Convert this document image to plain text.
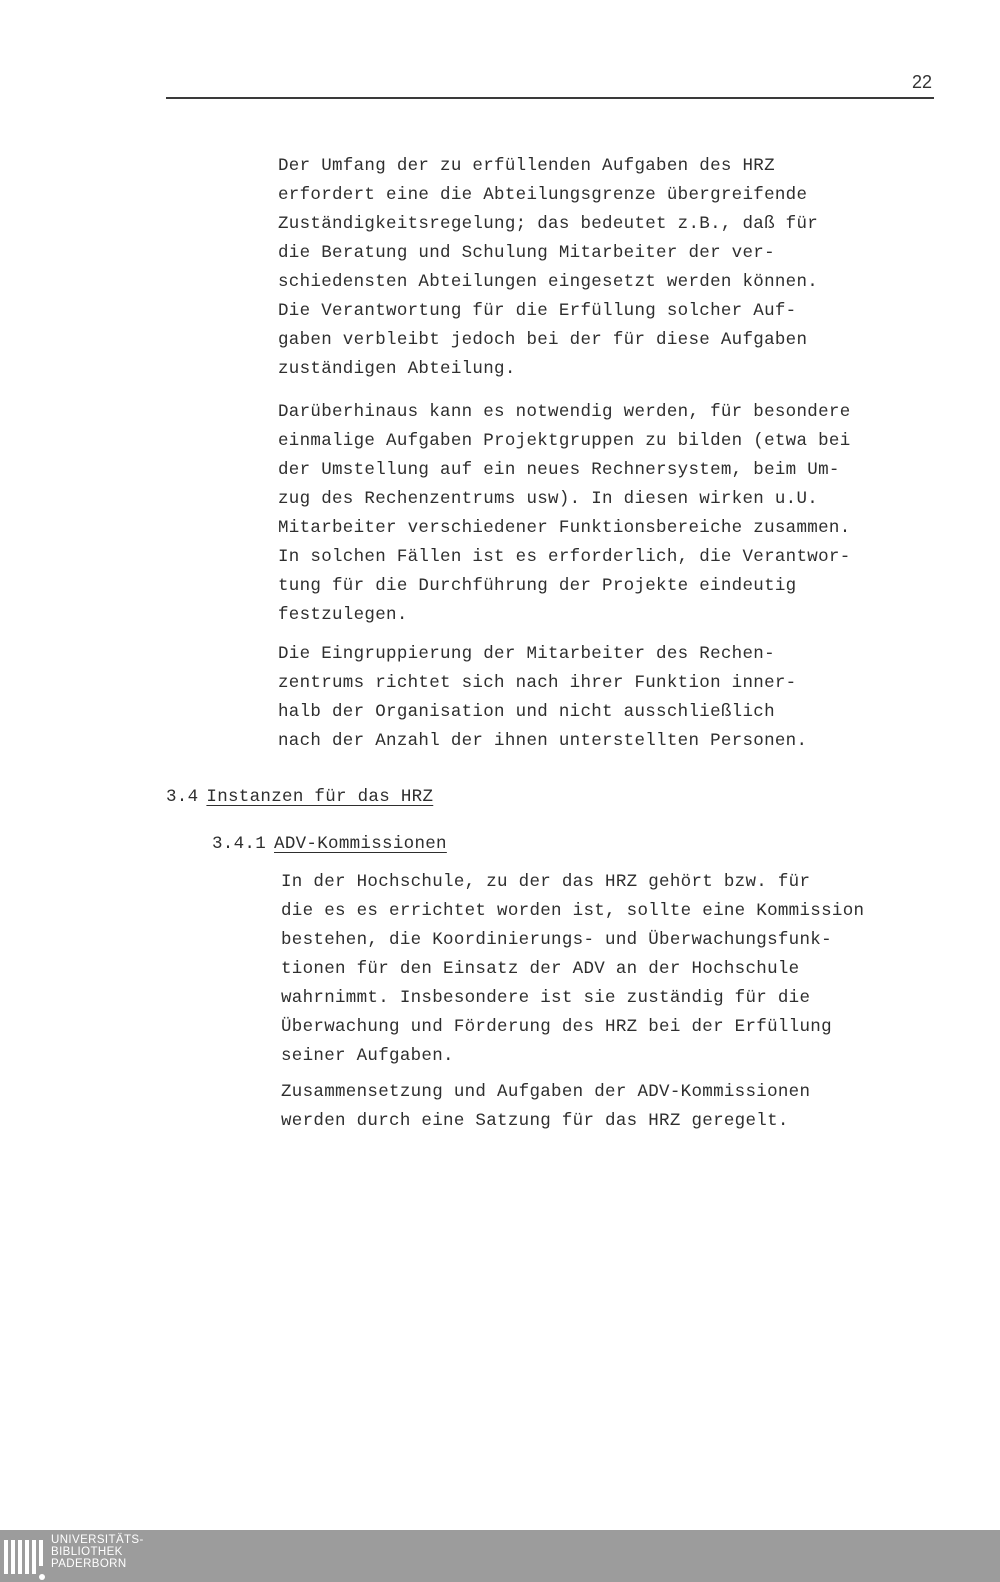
22
Der Umfang der zu erfüllenden Aufgaben des HRZ
erfordert eine die Abteilungsgrenze übergreifende
Zuständigkeitsregelung; das bedeutet z.B., daß für
die Beratung und Schulung Mitarbeiter der ver-
schiedensten Abteilungen eingesetzt werden können.
Die Verantwortung für die Erfüllung solcher Auf-
gaben verbleibt jedoch bei der für diese Aufgaben
zuständigen Abteilung.
Darüberhinaus kann es notwendig werden, für besondere
einmalige Aufgaben Projektgruppen zu bilden (etwa bei
der Umstellung auf ein neues Rechnersystem, beim Um-
zug des Rechenzentrums usw). In diesen wirken u.U.
Mitarbeiter verschiedener Funktionsbereiche zusammen.
In solchen Fällen ist es erforderlich, die Verantwor-
tung für die Durchführung der Projekte eindeutig
festzulegen.
Die Eingruppierung der Mitarbeiter des Rechen-
zentrums richtet sich nach ihrer Funktion inner-
halb der Organisation und nicht ausschließlich
nach der Anzahl der ihnen unterstellten Personen.
3.4 Instanzen für das HRZ
3.4.1 ADV-Kommissionen
In der Hochschule, zu der das HRZ gehört bzw. für
die es es errichtet worden ist, sollte eine Kommission
bestehen, die Koordinierungs- und Überwachungsfunk-
tionen für den Einsatz der ADV an der Hochschule
wahrnimmt. Insbesondere ist sie zuständig für die
Überwachung und Förderung des HRZ bei der Erfüllung
seiner Aufgaben.
Zusammensetzung und Aufgaben der ADV-Kommissionen
werden durch eine Satzung für das HRZ geregelt.
UNIVERSITÄTS-
BIBLIOTHEK
PADERBORN
